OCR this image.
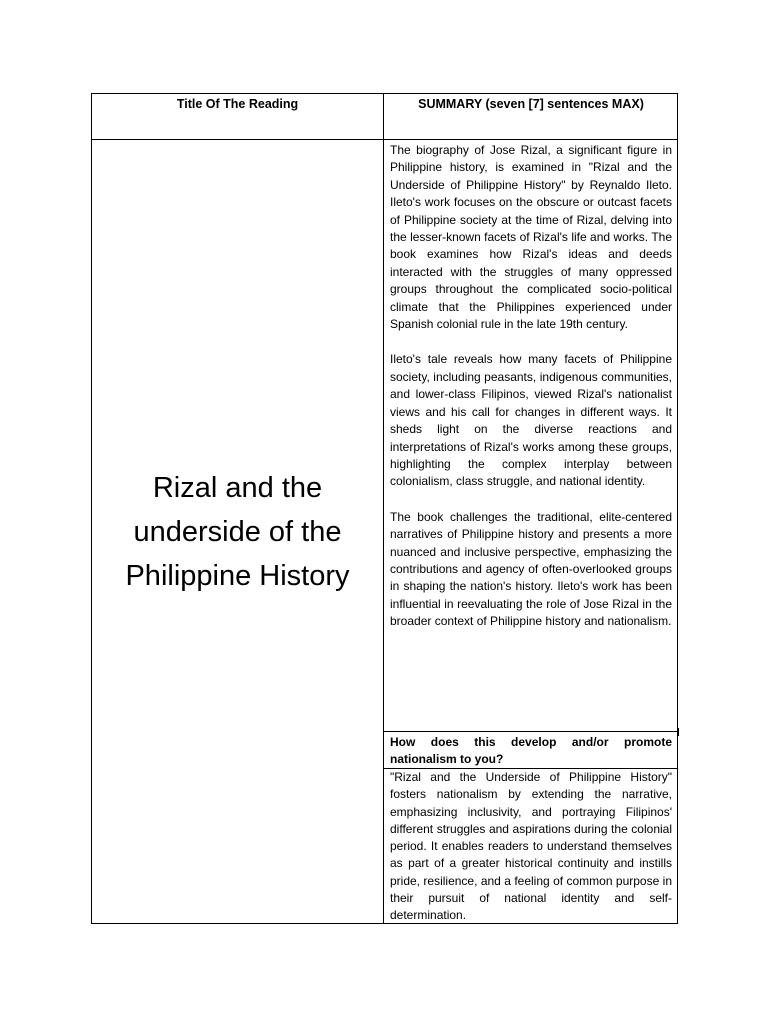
Title Of The Reading	SUMMARY (seven [7] sentences MAX)
Rizal and the underside of the Philippine History

The biography of Jose Rizal, a significant figure in Philippine history, is examined in "Rizal and the Underside of Philippine History" by Reynaldo Ileto. Ileto's work focuses on the obscure or outcast facets of Philippine society at the time of Rizal, delving into the lesser-known facets of Rizal's life and works. The book examines how Rizal's ideas and deeds interacted with the struggles of many oppressed groups throughout the complicated socio-political climate that the Philippines experienced under Spanish colonial rule in the late 19th century.

Ileto's tale reveals how many facets of Philippine society, including peasants, indigenous communities, and lower-class Filipinos, viewed Rizal's nationalist views and his call for changes in different ways. It sheds light on the diverse reactions and interpretations of Rizal's works among these groups, highlighting the complex interplay between colonialism, class struggle, and national identity.

The book challenges the traditional, elite-centered narratives of Philippine history and presents a more nuanced and inclusive perspective, emphasizing the contributions and agency of often-overlooked groups in shaping the nation's history. Ileto's work has been influential in reevaluating the role of Jose Rizal in the broader context of Philippine history and nationalism.

How does this develop and/or promote nationalism to you?

"Rizal and the Underside of Philippine History" fosters nationalism by extending the narrative, emphasizing inclusivity, and portraying Filipinos' different struggles and aspirations during the colonial period. It enables readers to understand themselves as part of a greater historical continuity and instills pride, resilience, and a feeling of common purpose in their pursuit of national identity and self-determination.
